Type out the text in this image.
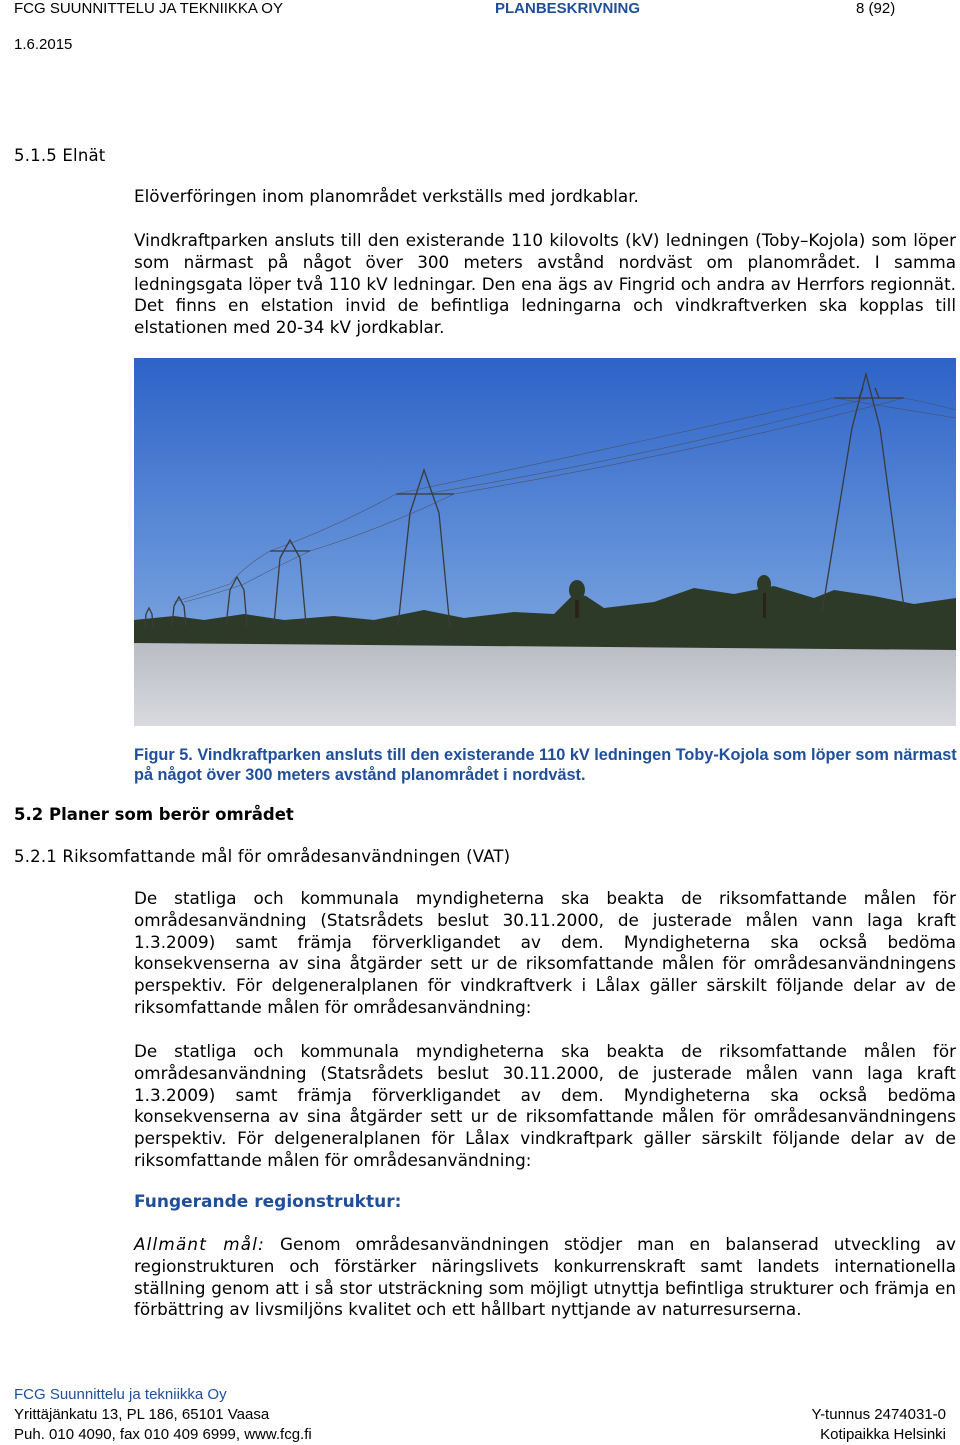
FCG SUUNNITTELU JA TEKNIIKKA OY	PLANBESKRIVNING	8 (92)
1.6.2015
5.1.5 Elnät

Elöverföringen inom planområdet verkställs med jordkablar.

Vindkraftparken ansluts till den existerande 110 kilovolts (kV) ledningen (Toby–Kojola) som löper som närmast på något över 300 meters avstånd nordväst om planområdet. I samma ledningsgata löper två 110 kV ledningar. Den ena ägs av Fingrid och andra av Herrfors regionnät. Det finns en elstation invid de befintliga ledningarna och vindkraftverken ska kopplas till elstationen med 20-34 kV jordkablar.

Figur 5. Vindkraftparken ansluts till den existerande 110 kV ledningen Toby-Kojola som löper som närmast på något över 300 meters avstånd planområdet i nordväst.
5.2 Planer som berör området
5.2.1 Riksomfattande mål för områdesanvändningen (VAT)

De statliga och kommunala myndigheterna ska beakta de riksomfattande målen för områdesanvändning (Statsrådets beslut 30.11.2000, de justerade målen vann laga kraft 1.3.2009) samt främja förverkligandet av dem. Myndigheterna ska också bedöma konsekvenserna av sina åtgärder sett ur de riksomfattande målen för områdesanvändningens perspektiv. För delgeneralplanen för vindkraftverk i Lålax gäller särskilt följande delar av de riksomfattande målen för områdesanvändning:

De statliga och kommunala myndigheterna ska beakta de riksomfattande målen för områdesanvändning (Statsrådets beslut 30.11.2000, de justerade målen vann laga kraft 1.3.2009) samt främja förverkligandet av dem. Myndigheterna ska också bedöma konsekvenserna av sina åtgärder sett ur de riksomfattande målen för områdesanvändningens perspektiv. För delgeneralplanen för Lålax vindkraftpark gäller särskilt följande delar av de riksomfattande målen för områdesanvändning:

Fungerande regionstruktur:

Allmänt mål: Genom områdesanvändningen stödjer man en balanserad utveckling av regionstrukturen och förstärker näringslivets konkurrenskraft samt landets internationella ställning genom att i så stor utsträckning som möjligt utnyttja befintliga strukturer och främja en förbättring av livsmiljöns kvalitet och ett hållbart nyttjande av naturresurserna.

FCG Suunnittelu ja tekniikka Oy
Yrittäjänkatu 13, PL 186, 65101 Vaasa
Puh. 010 4090, fax 010 409 6999, www.fcg.fi
Y-tunnus 2474031-0
Kotipaikka Helsinki
